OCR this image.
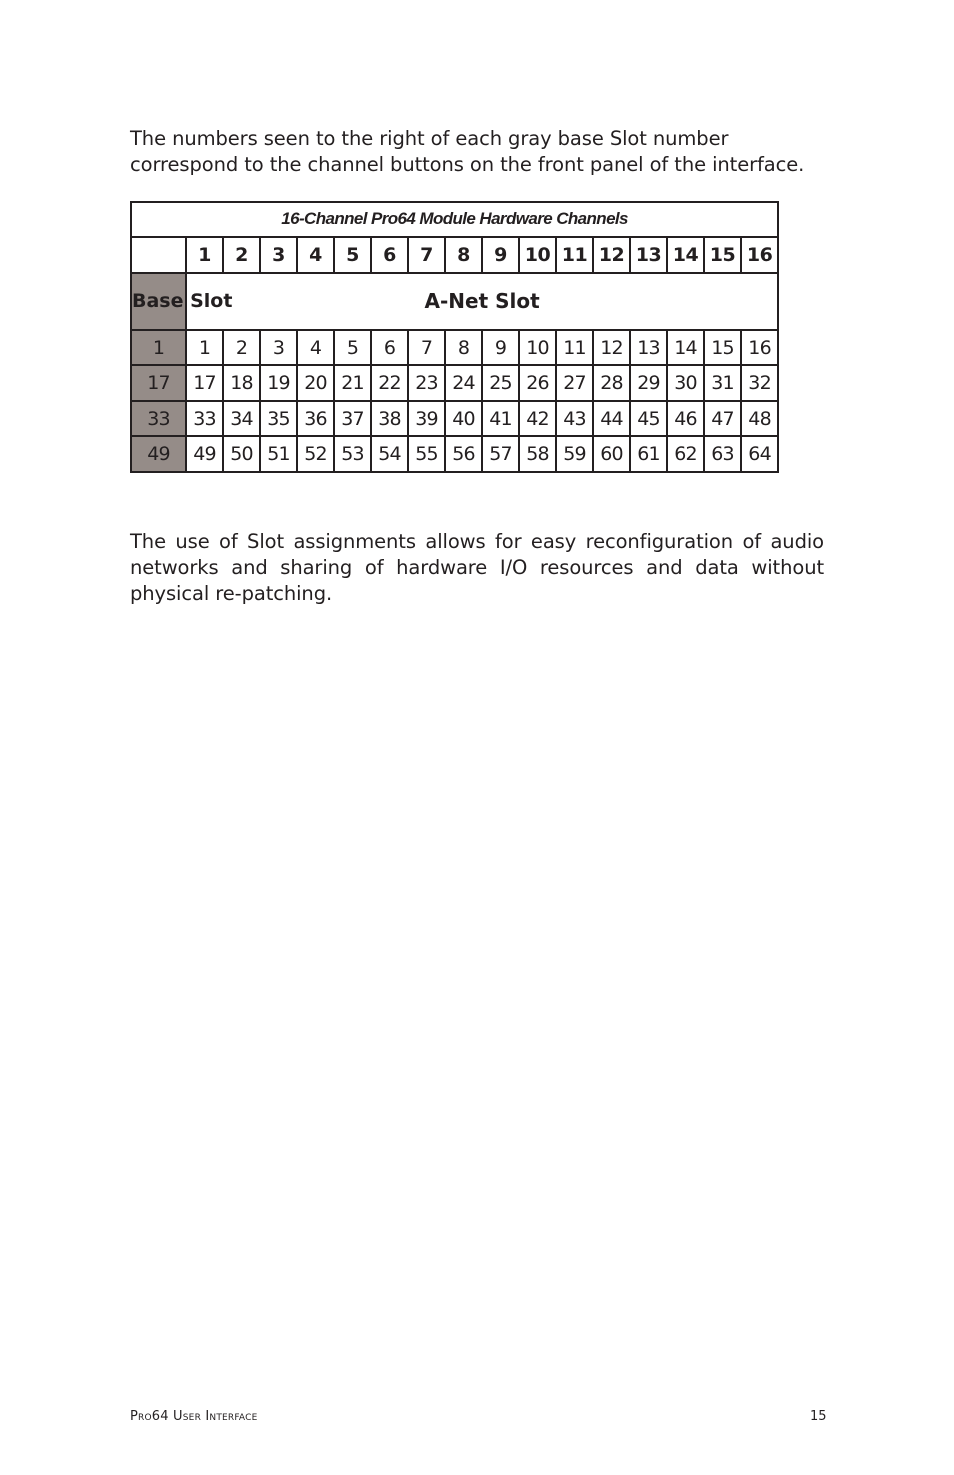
The numbers seen to the right of each gray base Slot number correspond to the channel buttons on the front panel of the interface.

16-Channel Pro64 Module Hardware Channels																
	1	2	3	4	5	6	7	8	9	10	11	12	13	14	15	16
Base Slot	A-Net Slot															
1	1	2	3	4	5	6	7	8	9	10	11	12	13	14	15	16
17	17	18	19	20	21	22	23	24	25	26	27	28	29	30	31	32
33	33	34	35	36	37	38	39	40	41	42	43	44	45	46	47	48
49	49	50	51	52	53	54	55	56	57	58	59	60	61	62	63	64

The use of Slot assignments allows for easy reconfiguration of audio networks and sharing of hardware I/O resources and data without physical re-patching.

Pro64 User Interface	15
